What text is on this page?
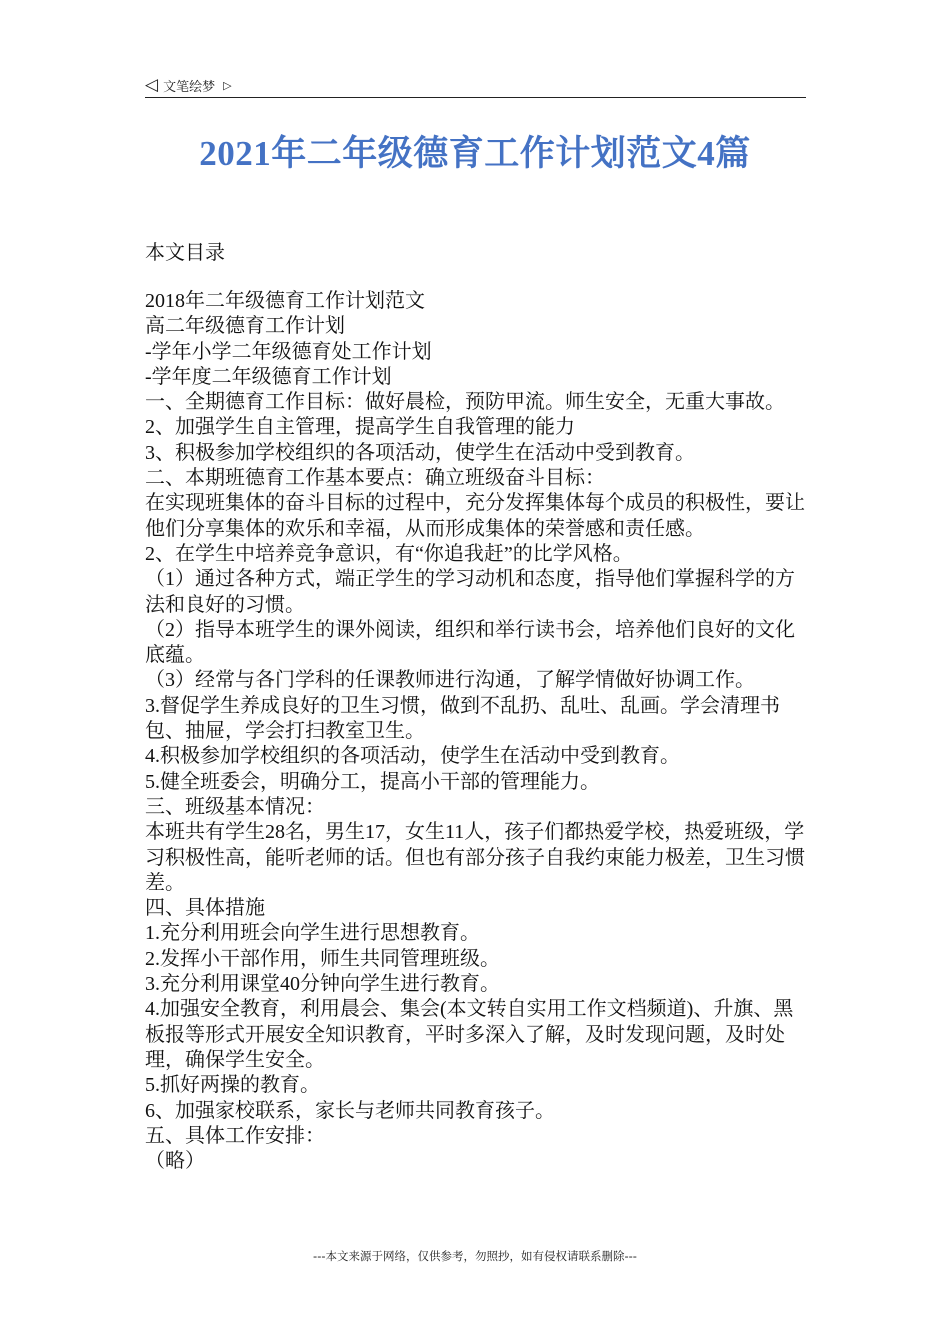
◁ 文笔绘梦 ▷
2021年二年级德育工作计划范文4篇

本文目录

2018年二年级德育工作计划范文

高二年级德育工作计划

-学年小学二年级德育处工作计划

-学年度二年级德育工作计划

一、全期德育工作目标：做好晨检，预防甲流。师生安全，无重大事故。

2、加强学生自主管理，提高学生自我管理的能力

3、积极参加学校组织的各项活动，使学生在活动中受到教育。

二、本期班德育工作基本要点：确立班级奋斗目标：

在实现班集体的奋斗目标的过程中，充分发挥集体每个成员的积极性，要让他们分享集体的欢乐和幸福，从而形成集体的荣誉感和责任感。

2、在学生中培养竞争意识，有“你追我赶”的比学风格。

（1）通过各种方式，端正学生的学习动机和态度，指导他们掌握科学的方法和良好的习惯。

（2）指导本班学生的课外阅读，组织和举行读书会，培养他们良好的文化底蕴。

（3）经常与各门学科的任课教师进行沟通，了解学情做好协调工作。

3.督促学生养成良好的卫生习惯，做到不乱扔、乱吐、乱画。学会清理书包、抽屉，学会打扫教室卫生。

4.积极参加学校组织的各项活动，使学生在活动中受到教育。

5.健全班委会，明确分工，提高小干部的管理能力。

三、班级基本情况：

本班共有学生28名，男生17，女生11人，孩子们都热爱学校，热爱班级，学习积极性高，能听老师的话。但也有部分孩子自我约束能力极差，卫生习惯差。

四、具体措施

1.充分利用班会向学生进行思想教育。

2.发挥小干部作用，师生共同管理班级。

3.充分利用课堂40分钟向学生进行教育。

4.加强安全教育，利用晨会、集会(本文转自实用工作文档频道)、升旗、黑板报等形式开展安全知识教育，平时多深入了解，及时发现问题，及时处理，确保学生安全。

5.抓好两操的教育。

6、加强家校联系，家长与老师共同教育孩子。

五、具体工作安排：

（略）

---本文来源于网络，仅供参考，勿照抄，如有侵权请联系删除---
